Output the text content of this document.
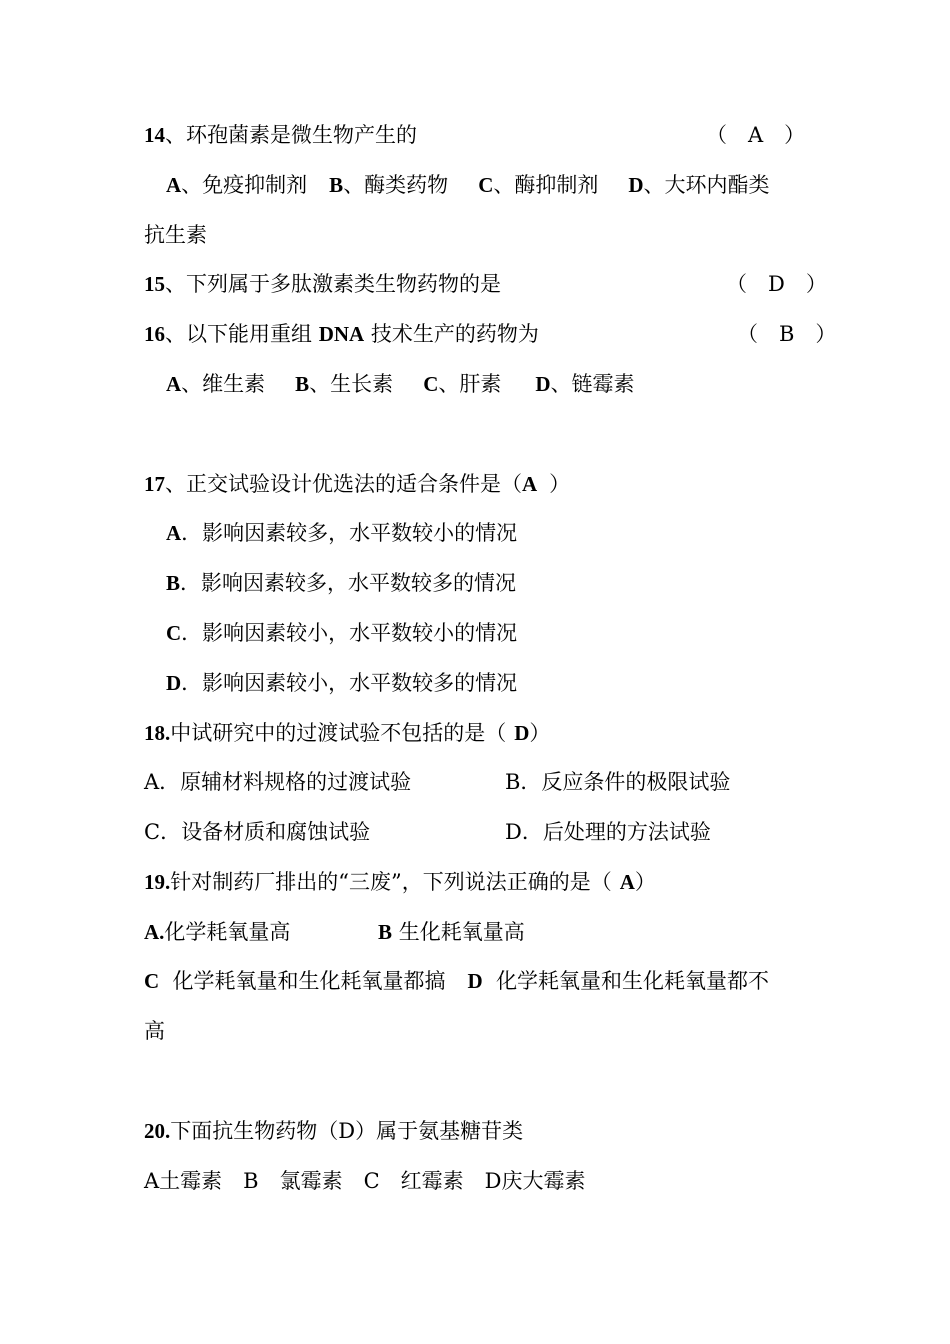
14、环孢菌素是微生物产生的	（　A　）
A、免疫抑制剂 B、酶类药物 C、酶抑制剂 D、大环内酯类
抗生素
15、下列属于多肽激素类生物药物的是	（　D　）
16、以下能用重组 DNA 技术生产的药物为	（　B　）
A、维生素 B、生长素 C、肝素 D、链霉素
17、正交试验设计优选法的适合条件是（A ）
A．影响因素较多，水平数较小的情况
B．影响因素较多，水平数较多的情况
C．影响因素较小，水平数较小的情况
D．影响因素较小，水平数较多的情况
18.中试研究中的过渡试验不包括的是（ D）
A．原辅材料规格的过渡试验	B．反应条件的极限试验
C．设备材质和腐蚀试验	D．后处理的方法试验
19.针对制药厂排出的“三废”，下列说法正确的是（ A）
A.化学耗氧量高	B 生化耗氧量高
C 化学耗氧量和生化耗氧量都搞 D 化学耗氧量和生化耗氧量都不
高
20.下面抗生物药物（D）属于氨基糖苷类
A土霉素　B　氯霉素　C　红霉素　D庆大霉素
